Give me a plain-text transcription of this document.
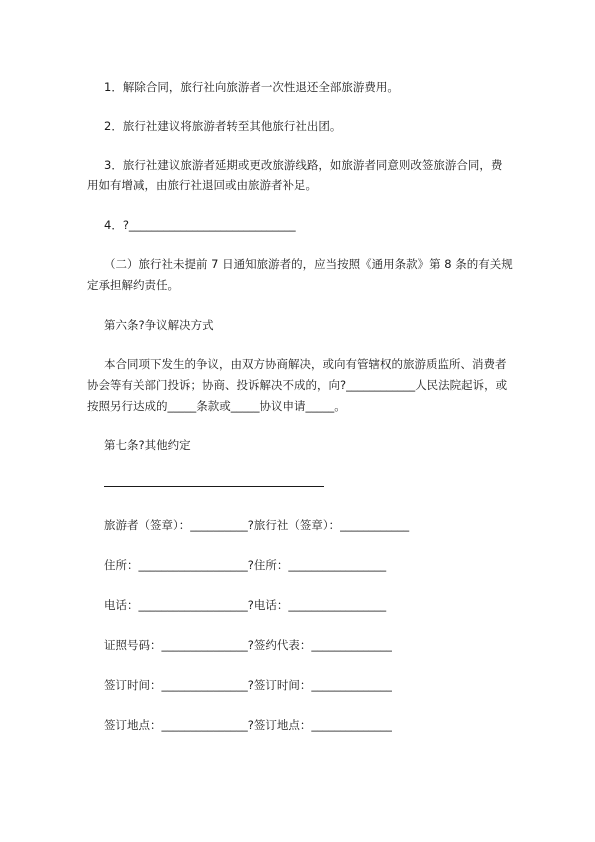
1．解除合同，旅行社向旅游者一次性退还全部旅游费用。
2．旅行社建议将旅游者转至其他旅行社出团。
3．旅行社建议旅游者延期或更改旅游线路，如旅游者同意则改签旅游合同，费
用如有增减，由旅行社退回或由旅游者补足。
4．?_____________________________
（二）旅行社未提前 7 日通知旅游者的，应当按照《通用条款》第 8 条的有关规
定承担解约责任。
第六条?争议解决方式
本合同项下发生的争议，由双方协商解决，或向有管辖权的旅游质监所、消费者
协会等有关部门投诉；协商、投诉解决不成的，向?____________人民法院起诉，或
按照另行达成的_____条款或_____协议申请_____。
第七条?其他约定
旅游者（签章）：__________?旅行社（签章）：____________
住所：___________________?住所：_________________
电话：___________________?电话：_________________
证照号码：_______________?签约代表：______________
签订时间：_______________?签订时间：______________
签订地点：_______________?签订地点：______________
